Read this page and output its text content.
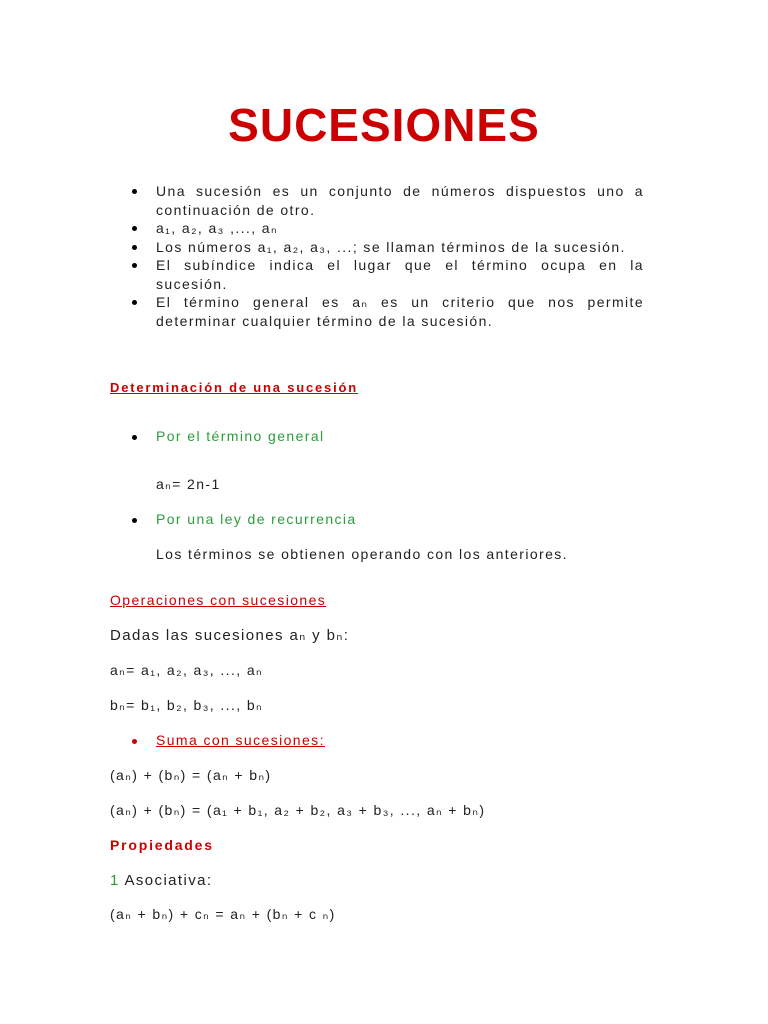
SUCESIONES
Una sucesión es un conjunto de números dispuestos uno a continuación de otro.
a₁, a₂, a₃ ,..., aₙ
Los números a₁, a₂, a₃, ...; se llaman términos de la sucesión.
El subíndice indica el lugar que el término ocupa en la sucesión.
El término general es aₙ es un criterio que nos permite determinar cualquier término de la sucesión.
Determinación de una sucesión
Por el término general
aₙ= 2n-1
Por una ley de recurrencia
Los términos se obtienen operando con los anteriores.
Operaciones con sucesiones
Dadas las sucesiones aₙ y bₙ:
aₙ= a₁, a₂, a₃, ..., aₙ
bₙ= b₁, b₂, b₃, ..., bₙ
Suma con sucesiones:
(aₙ) + (bₙ) = (aₙ + bₙ)
(aₙ) + (bₙ) = (a₁ + b₁, a₂ + b₂, a₃ + b₃, ..., aₙ + bₙ)
Propiedades
1 Asociativa:
(aₙ + bₙ) + cₙ = aₙ + (bₙ + c ₙ)
